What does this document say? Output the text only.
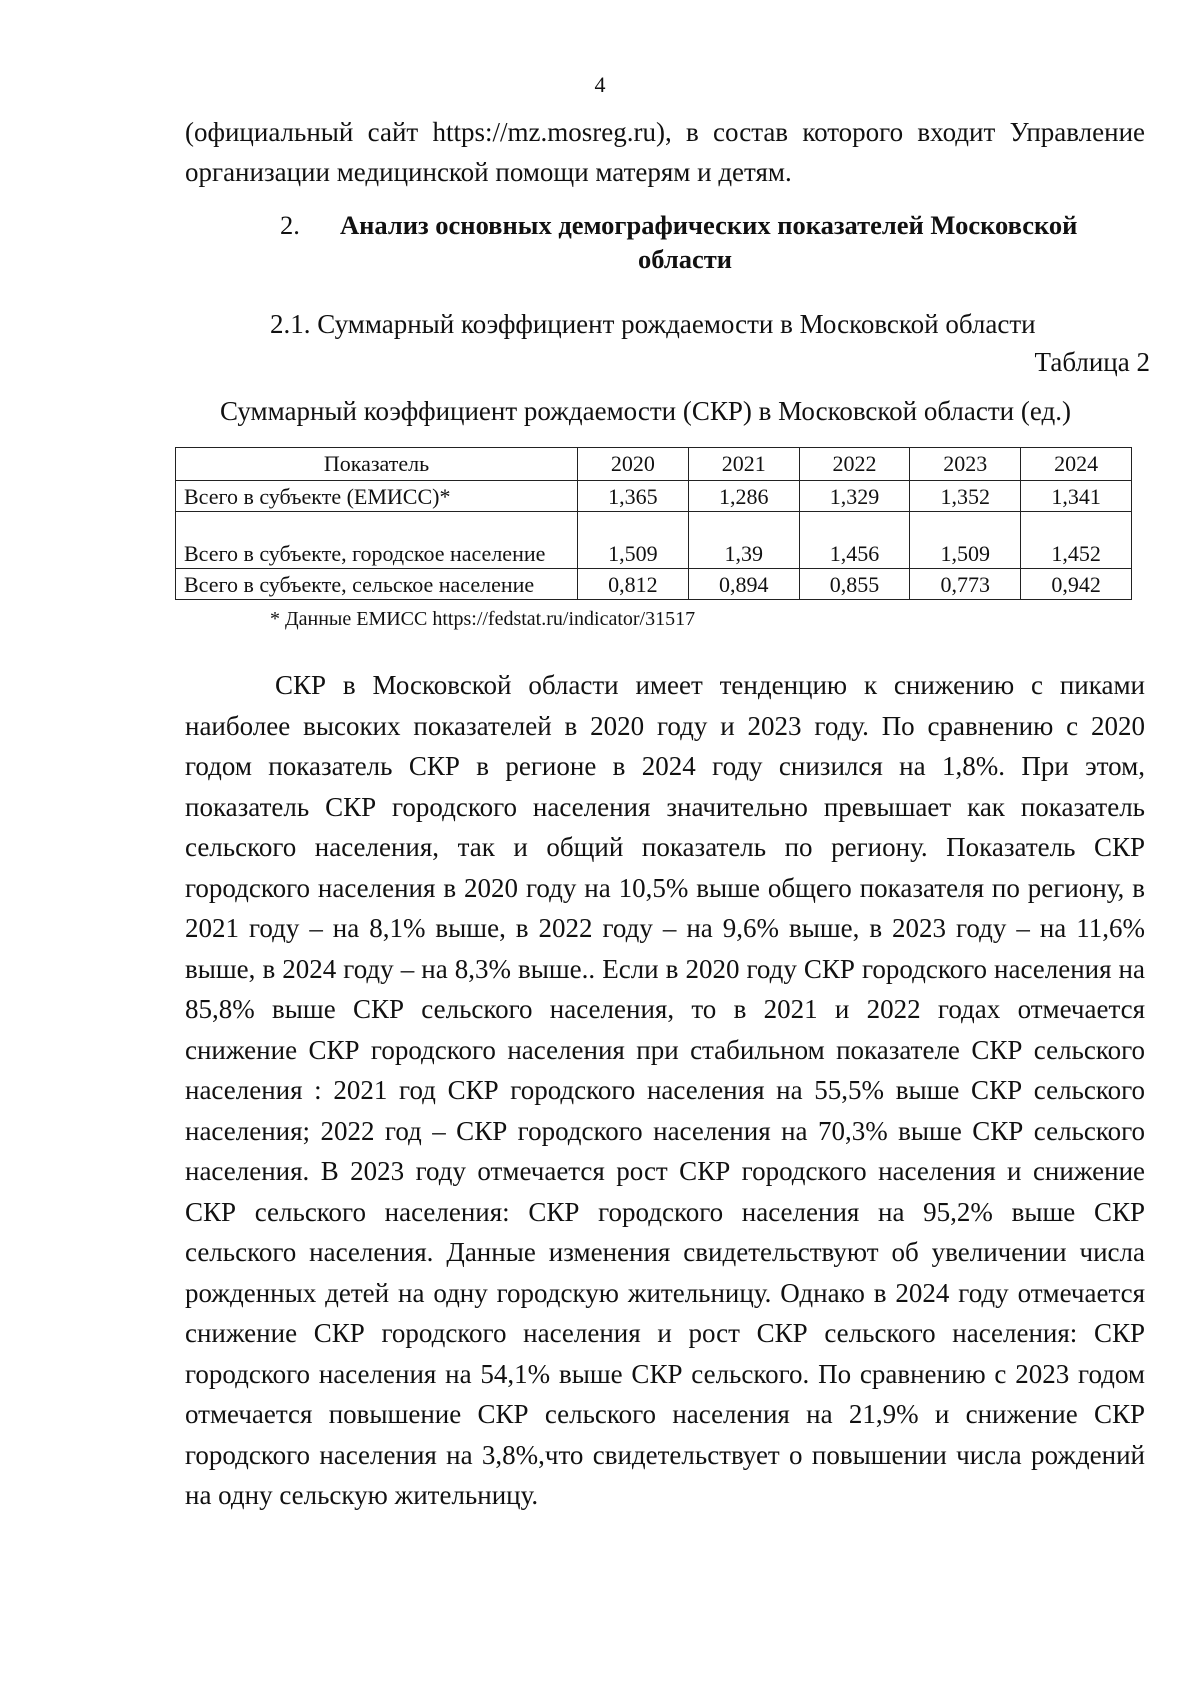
4
(официальный сайт https://mz.mosreg.ru), в состав которого входит Управление организации медицинской помощи матерям и детям.
2. Анализ основных демографических показателей Московской
области
2.1. Суммарный коэффициент рождаемости в Московской области
Таблица 2
Суммарный коэффициент рождаемости (СКР) в Московской области (ед.)
Показатель	2020	2021	2022	2023	2024
Всего в субъекте (ЕМИСС)*	1,365	1,286	1,329	1,352	1,341
Всего в субъекте, городское население	1,509	1,39	1,456	1,509	1,452
Всего в субъекте, сельское население	0,812	0,894	0,855	0,773	0,942
* Данные ЕМИСС https://fedstat.ru/indicator/31517

СКР в Московской области имеет тенденцию к снижению с пиками наиболее высоких показателей в 2020 году и 2023 году. По сравнению с 2020 годом показатель СКР в регионе в 2024 году снизился на 1,8%. При этом, показатель СКР городского населения значительно превышает как показатель сельского населения, так и общий показатель по региону. Показатель СКР городского населения в 2020 году на 10,5% выше общего показателя по региону, в 2021 году – на 8,1% выше, в 2022 году – на 9,6% выше, в 2023 году – на 11,6% выше, в 2024 году – на 8,3% выше.. Если в 2020 году СКР городского населения на 85,8% выше СКР сельского населения, то в 2021 и 2022 годах отмечается снижение СКР городского населения при стабильном показателе СКР сельского населения : 2021 год СКР городского населения на 55,5% выше СКР сельского населения; 2022 год – СКР городского населения на 70,3% выше СКР сельского населения. В 2023 году отмечается рост СКР городского населения и снижение СКР сельского населения: СКР городского населения на 95,2% выше СКР сельского населения. Данные изменения свидетельствуют об увеличении числа рожденных детей на одну городскую жительницу. Однако в 2024 году отмечается снижение СКР городского населения и рост СКР сельского населения: СКР городского населения на 54,1% выше СКР сельского. По сравнению с 2023 годом отмечается повышение СКР сельского населения на 21,9% и снижение СКР городского населения на 3,8%,что свидетельствует о повышении числа рождений на одну сельскую жительницу.
